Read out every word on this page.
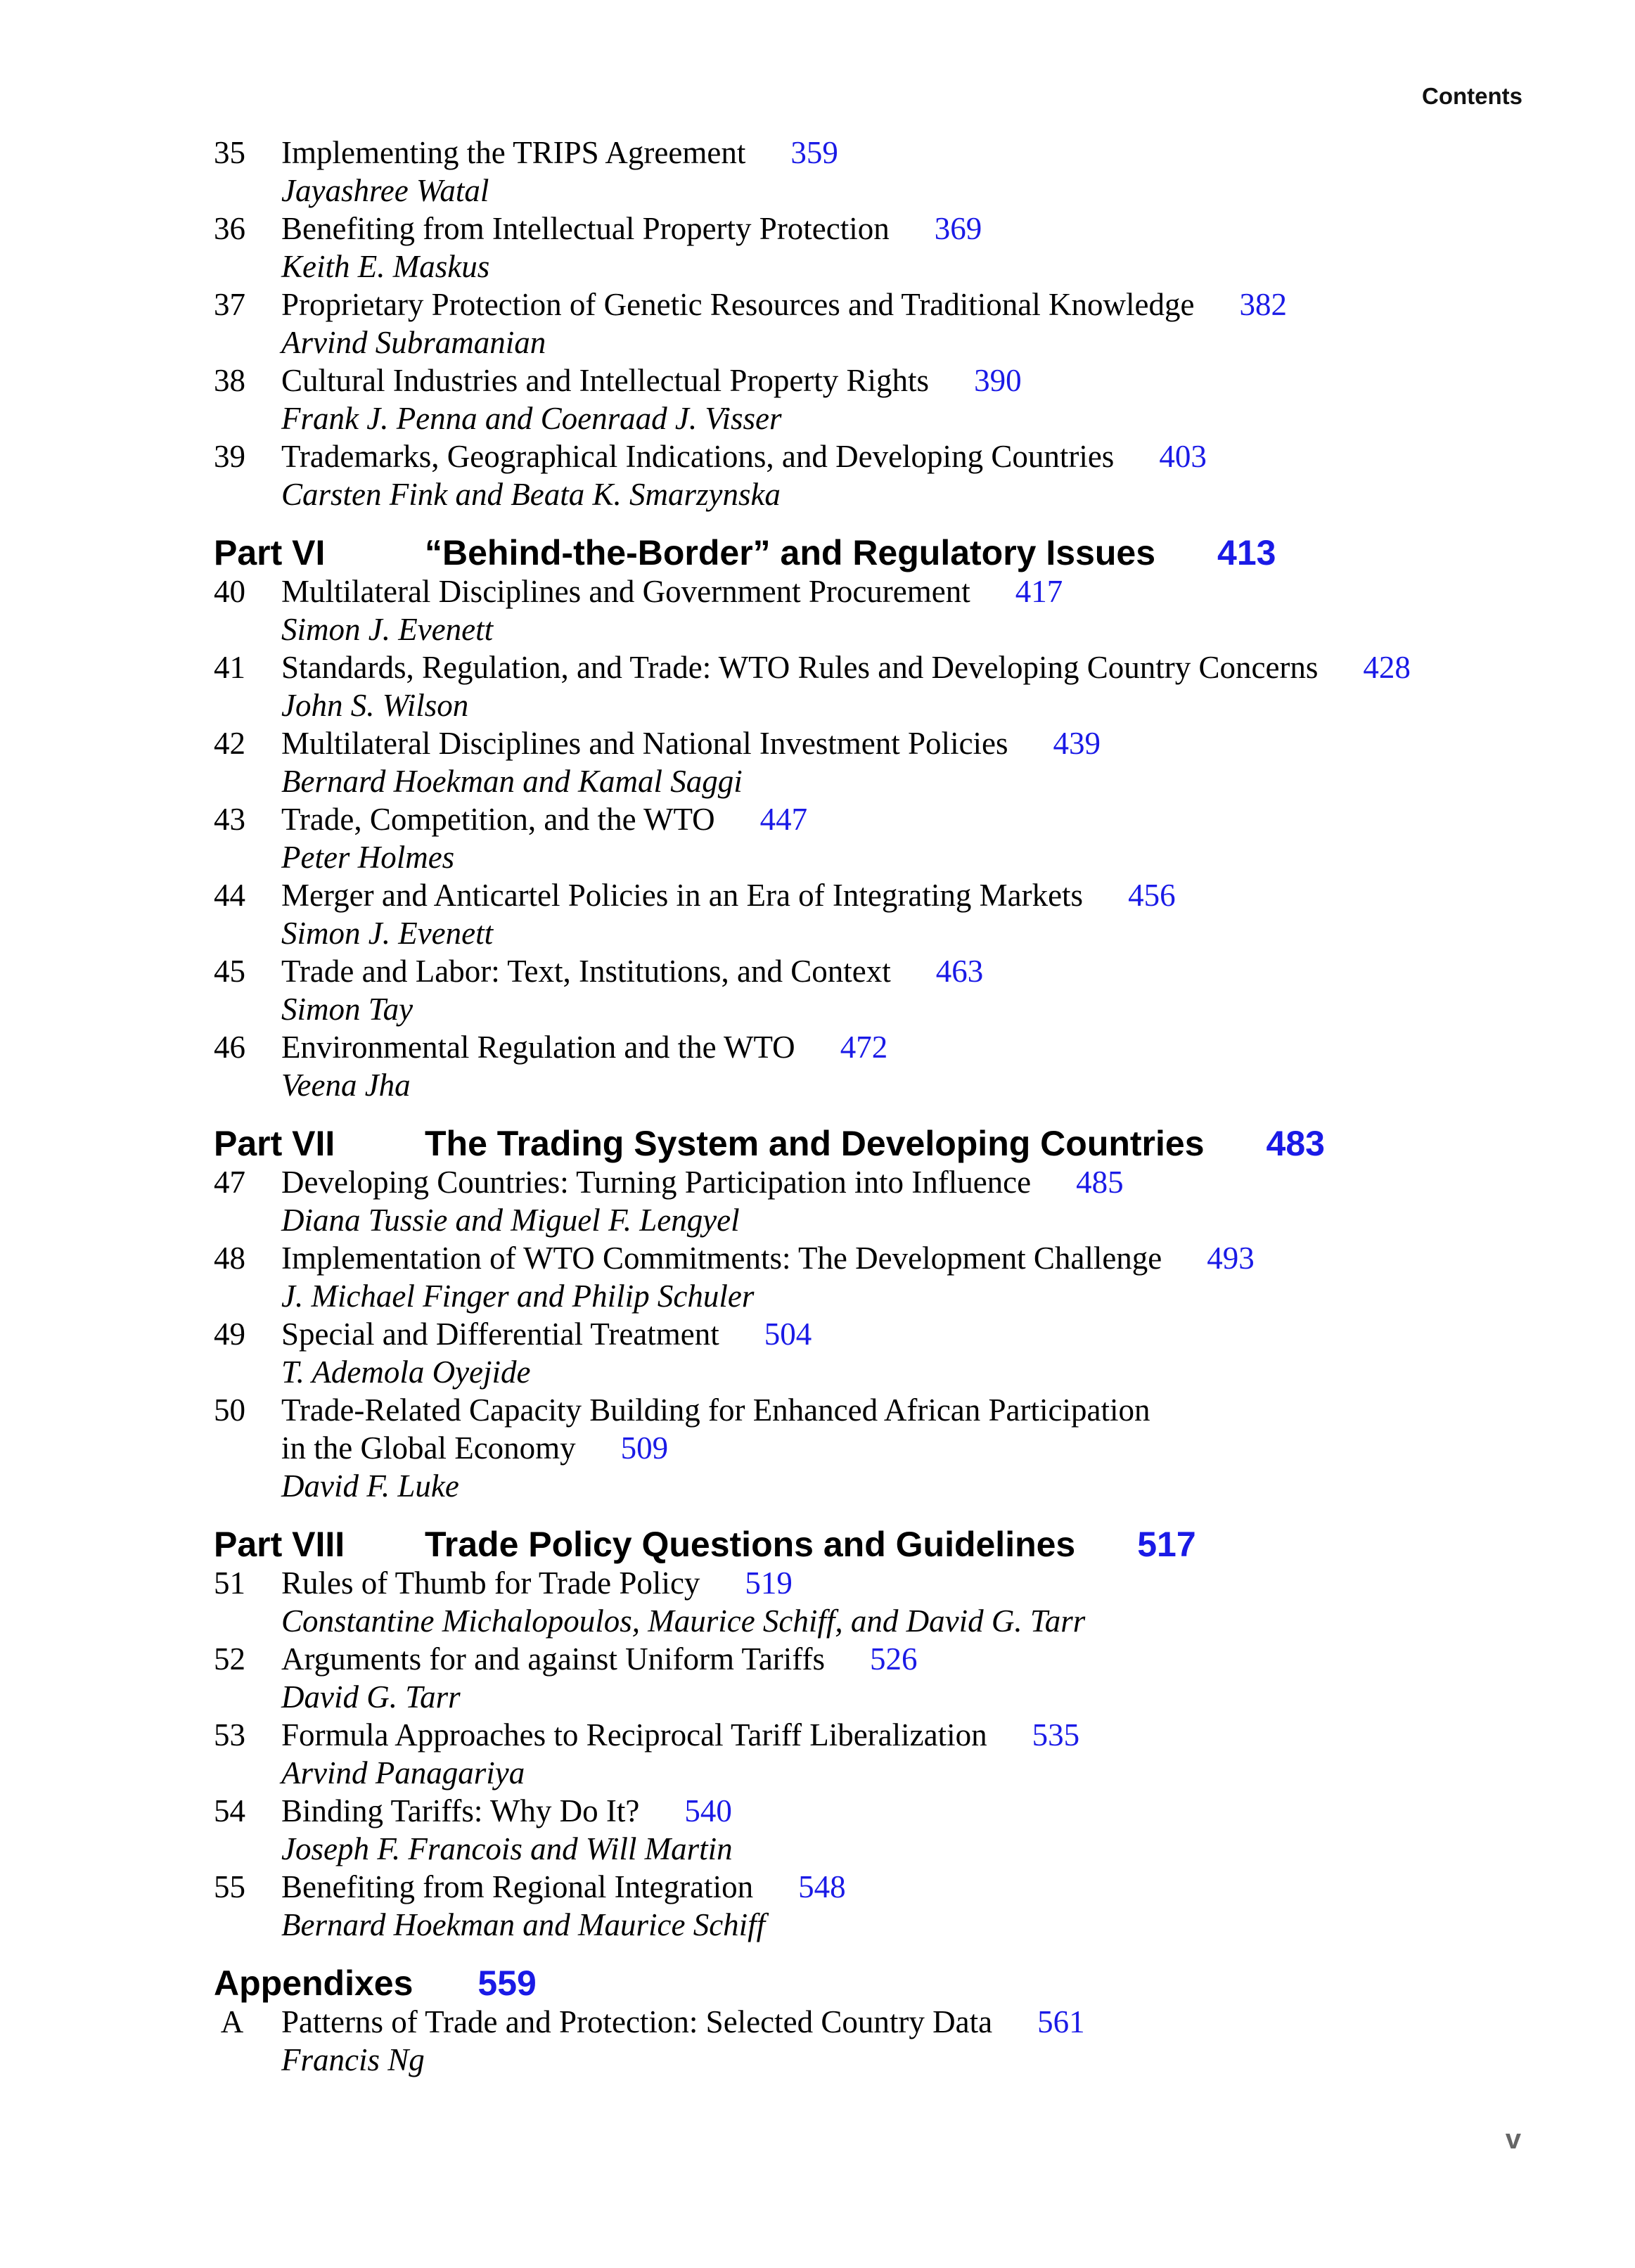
Contents
35	Implementing the TRIPS Agreement 359
Jayashree Watal
36	Benefiting from Intellectual Property Protection 369
Keith E. Maskus
37	Proprietary Protection of Genetic Resources and Traditional Knowledge 382
Arvind Subramanian
38	Cultural Industries and Intellectual Property Rights 390
Frank J. Penna and Coenraad J. Visser
39	Trademarks, Geographical Indications, and Developing Countries 403
Carsten Fink and Beata K. Smarzynska
Part VI	“Behind-the-Border” and Regulatory Issues 413
40	Multilateral Disciplines and Government Procurement 417
Simon J. Evenett
41	Standards, Regulation, and Trade: WTO Rules and Developing Country Concerns 428
John S. Wilson
42	Multilateral Disciplines and National Investment Policies 439
Bernard Hoekman and Kamal Saggi
43	Trade, Competition, and the WTO 447
Peter Holmes
44	Merger and Anticartel Policies in an Era of Integrating Markets 456
Simon J. Evenett
45	Trade and Labor: Text, Institutions, and Context 463
Simon Tay
46	Environmental Regulation and the WTO 472
Veena Jha
Part VII	The Trading System and Developing Countries 483
47	Developing Countries: Turning Participation into Influence 485
Diana Tussie and Miguel F. Lengyel
48	Implementation of WTO Commitments: The Development Challenge 493
J. Michael Finger and Philip Schuler
49	Special and Differential Treatment 504
T. Ademola Oyejide
50	Trade-Related Capacity Building for Enhanced African Participation
in the Global Economy 509
David F. Luke
Part VIII	Trade Policy Questions and Guidelines 517
51	Rules of Thumb for Trade Policy 519
Constantine Michalopoulos, Maurice Schiff, and David G. Tarr
52	Arguments for and against Uniform Tariffs 526
David G. Tarr
53	Formula Approaches to Reciprocal Tariff Liberalization 535
Arvind Panagariya
54	Binding Tariffs: Why Do It? 540
Joseph F. Francois and Will Martin
55	Benefiting from Regional Integration 548
Bernard Hoekman and Maurice Schiff
Appendixes 559
A	Patterns of Trade and Protection: Selected Country Data 561
Francis Ng
v
